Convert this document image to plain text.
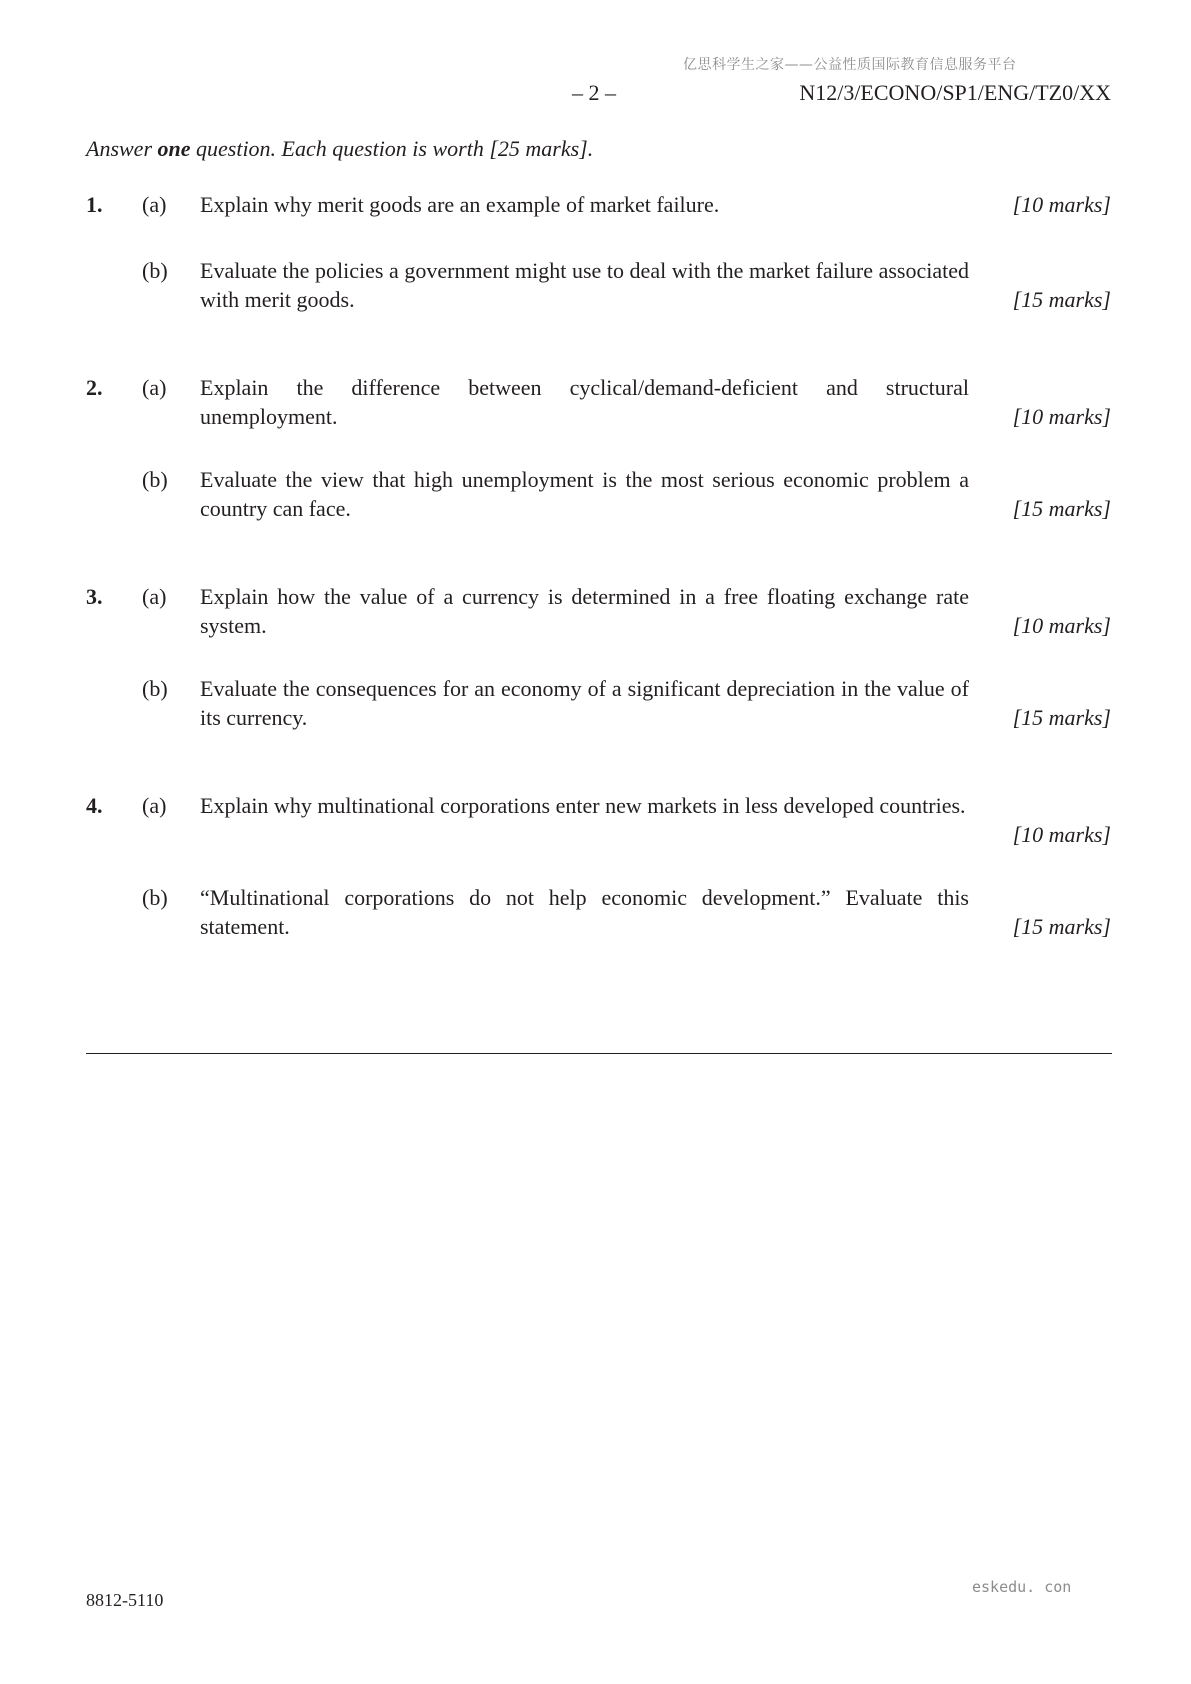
亿思科学生之家——公益性质国际教育信息服务平台
– 2 –	N12/3/ECONO/SP1/ENG/TZ0/XX
Answer one question. Each question is worth [25 marks].
1. (a) Explain why merit goods are an example of market failure.	[10 marks]
(b) Evaluate the policies a government might use to deal with the market failure associated with merit goods.	[15 marks]
2. (a) Explain the difference between cyclical/demand-deficient and structural unemployment.	[10 marks]
(b) Evaluate the view that high unemployment is the most serious economic problem a country can face.	[15 marks]
3. (a) Explain how the value of a currency is determined in a free floating exchange rate system.	[10 marks]
(b) Evaluate the consequences for an economy of a significant depreciation in the value of its currency.	[15 marks]
4. (a) Explain why multinational corporations enter new markets in less developed countries.
[10 marks]
(b) “Multinational corporations do not help economic development.” Evaluate this statement.	[15 marks]
8812-5110
eskedu. con
